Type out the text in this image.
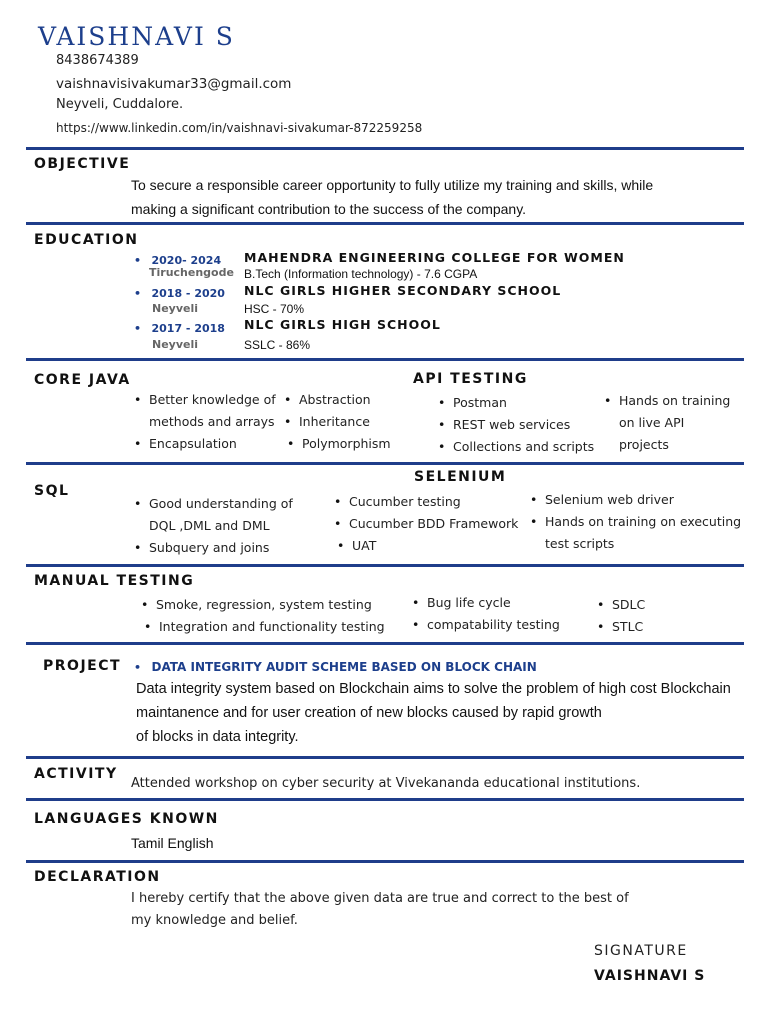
VAISHNAVI S
8438674389
vaishnavisivakumar33@gmail.com
Neyveli, Cuddalore.
https://www.linkedin.com/in/vaishnavi-sivakumar-872259258
OBJECTIVE
To secure a responsible career opportunity to fully utilize my training and skills, while
making a significant contribution to the success of the company.
EDUCATION
• 2020- 2024
Tiruchengode
MAHENDRA ENGINEERING COLLEGE FOR WOMEN
B.Tech (Information technology) - 7.6 CGPA
• 2018 - 2020
Neyveli
NLC GIRLS HIGHER SECONDARY SCHOOL
HSC - 70%
• 2017 - 2018
Neyveli
NLC GIRLS HIGH SCHOOL
SSLC - 86%
CORE JAVA
• Better knowledge of
methods and arrays
• Encapsulation
• Abstraction
• Inheritance
• Polymorphism
API TESTING
• Postman
• REST web services
• Collections and scripts
• Hands on training
on live API
projects
SQL
• Good understanding of
DQL ,DML and DML
• Subquery and joins
SELENIUM
• Cucumber testing
• Cucumber BDD Framework
• UAT
• Selenium web driver
• Hands on training on executing
test scripts
MANUAL TESTING
• Smoke, regression, system testing
• Integration and functionality testing
• Bug life cycle
• compatability testing
• SDLC
• STLC
PROJECT • DATA INTEGRITY AUDIT SCHEME BASED ON BLOCK CHAIN
Data integrity system based on Blockchain aims to solve the problem of high cost Blockchain
maintanence and for user creation of new blocks caused by rapid growth
of blocks in data integrity.
ACTIVITY
Attended workshop on cyber security at Vivekananda educational institutions.
LANGUAGES KNOWN
Tamil English
DECLARATION
I hereby certify that the above given data are true and correct to the best of
my knowledge and belief.
SIGNATURE
VAISHNAVI S
